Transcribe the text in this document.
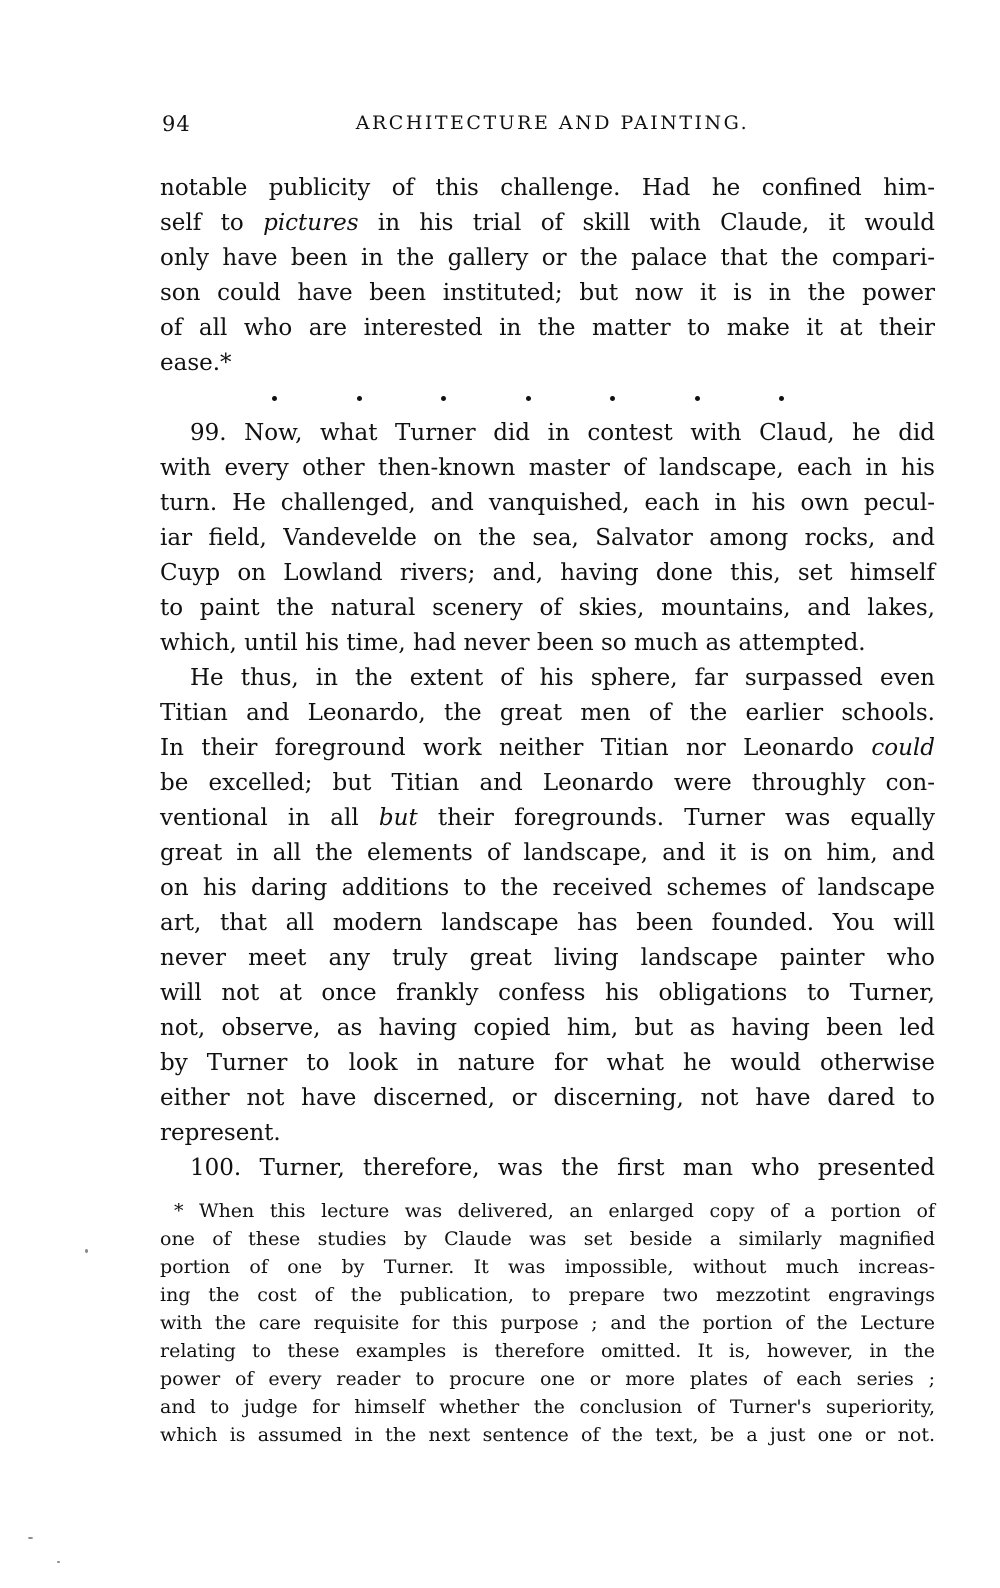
94	ARCHITECTURE AND PAINTING.
notable publicity of this challenge. Had he confined him-
self to pictures in his trial of skill with Claude, it would
only have been in the gallery or the palace that the compari-
son could have been instituted; but now it is in the power
of all who are interested in the matter to make it at their
ease.*
99. Now, what Turner did in contest with Claud, he did
with every other then-known master of landscape, each in his
turn. He challenged, and vanquished, each in his own pecul-
iar field, Vandevelde on the sea, Salvator among rocks, and
Cuyp on Lowland rivers; and, having done this, set himself
to paint the natural scenery of skies, mountains, and lakes,
which, until his time, had never been so much as attempted.
He thus, in the extent of his sphere, far surpassed even
Titian and Leonardo, the great men of the earlier schools.
In their foreground work neither Titian nor Leonardo could
be excelled; but Titian and Leonardo were throughly con-
ventional in all but their foregrounds. Turner was equally
great in all the elements of landscape, and it is on him, and
on his daring additions to the received schemes of landscape
art, that all modern landscape has been founded. You will
never meet any truly great living landscape painter who
will not at once frankly confess his obligations to Turner,
not, observe, as having copied him, but as having been led
by Turner to look in nature for what he would otherwise
either not have discerned, or discerning, not have dared to
represent.
100. Turner, therefore, was the first man who presented
* When this lecture was delivered, an enlarged copy of a portion of
one of these studies by Claude was set beside a similarly magnified
portion of one by Turner. It was impossible, without much increas-
ing the cost of the publication, to prepare two mezzotint engravings
with the care requisite for this purpose ; and the portion of the Lecture
relating to these examples is therefore omitted. It is, however, in the
power of every reader to procure one or more plates of each series ;
and to judge for himself whether the conclusion of Turner's superiority,
which is assumed in the next sentence of the text, be a just one or not.
